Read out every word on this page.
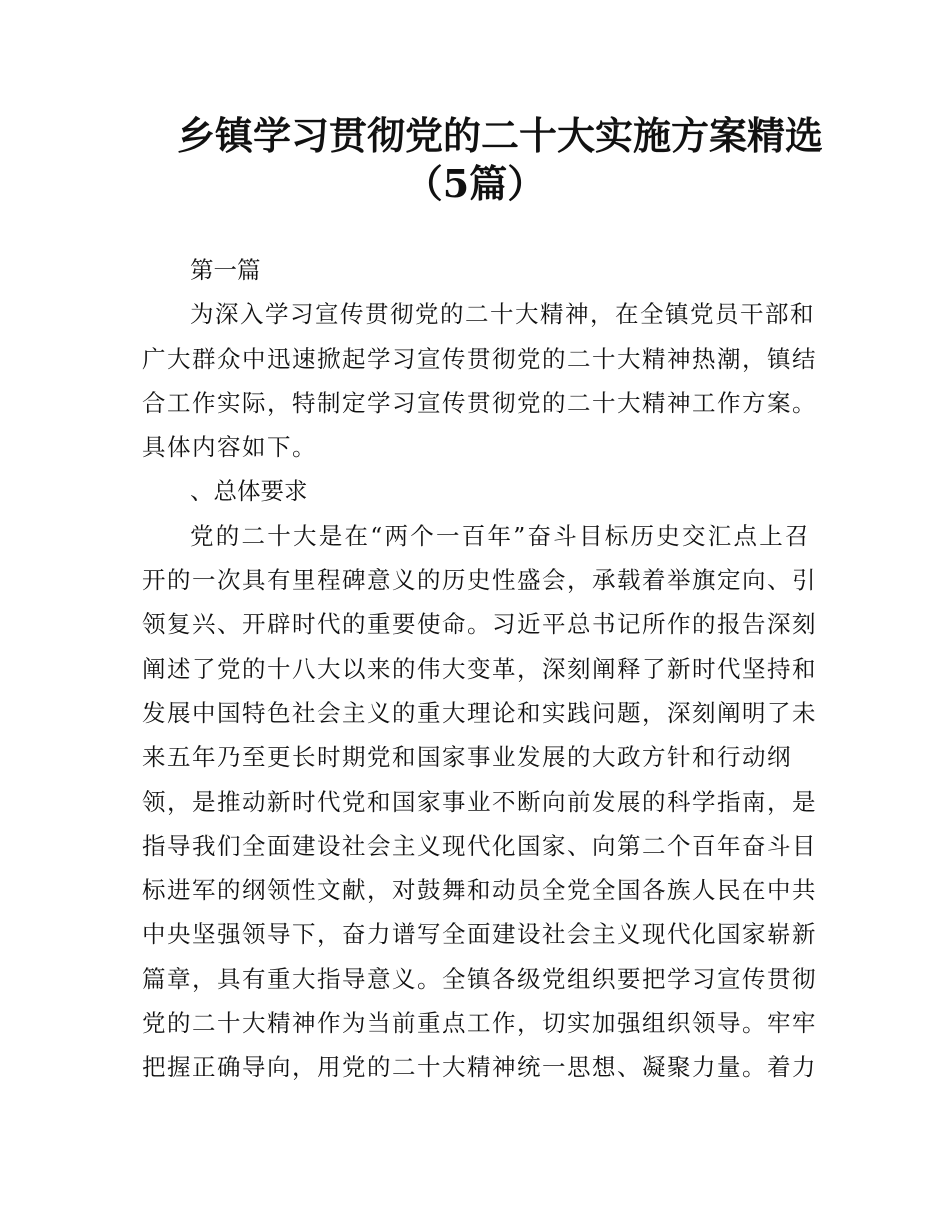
乡镇学习贯彻党的二十大实施方案精选
（5篇）

第一篇

为深入学习宣传贯彻党的二十大精神，在全镇党员干部和
广大群众中迅速掀起学习宣传贯彻党的二十大精神热潮，镇结
合工作实际，特制定学习宣传贯彻党的二十大精神工作方案。
具体内容如下。

、总体要求

党的二十大是在“两个一百年”奋斗目标历史交汇点上召
开的一次具有里程碑意义的历史性盛会，承载着举旗定向、引
领复兴、开辟时代的重要使命。习近平总书记所作的报告深刻
阐述了党的十八大以来的伟大变革，深刻阐释了新时代坚持和
发展中国特色社会主义的重大理论和实践问题，深刻阐明了未
来五年乃至更长时期党和国家事业发展的大政方针和行动纲
领，是推动新时代党和国家事业不断向前发展的科学指南，是
指导我们全面建设社会主义现代化国家、向第二个百年奋斗目
标进军的纲领性文献，对鼓舞和动员全党全国各族人民在中共
中央坚强领导下，奋力谱写全面建设社会主义现代化国家崭新
篇章，具有重大指导意义。全镇各级党组织要把学习宣传贯彻
党的二十大精神作为当前重点工作，切实加强组织领导。牢牢
把握正确导向，用党的二十大精神统一思想、凝聚力量。着力
